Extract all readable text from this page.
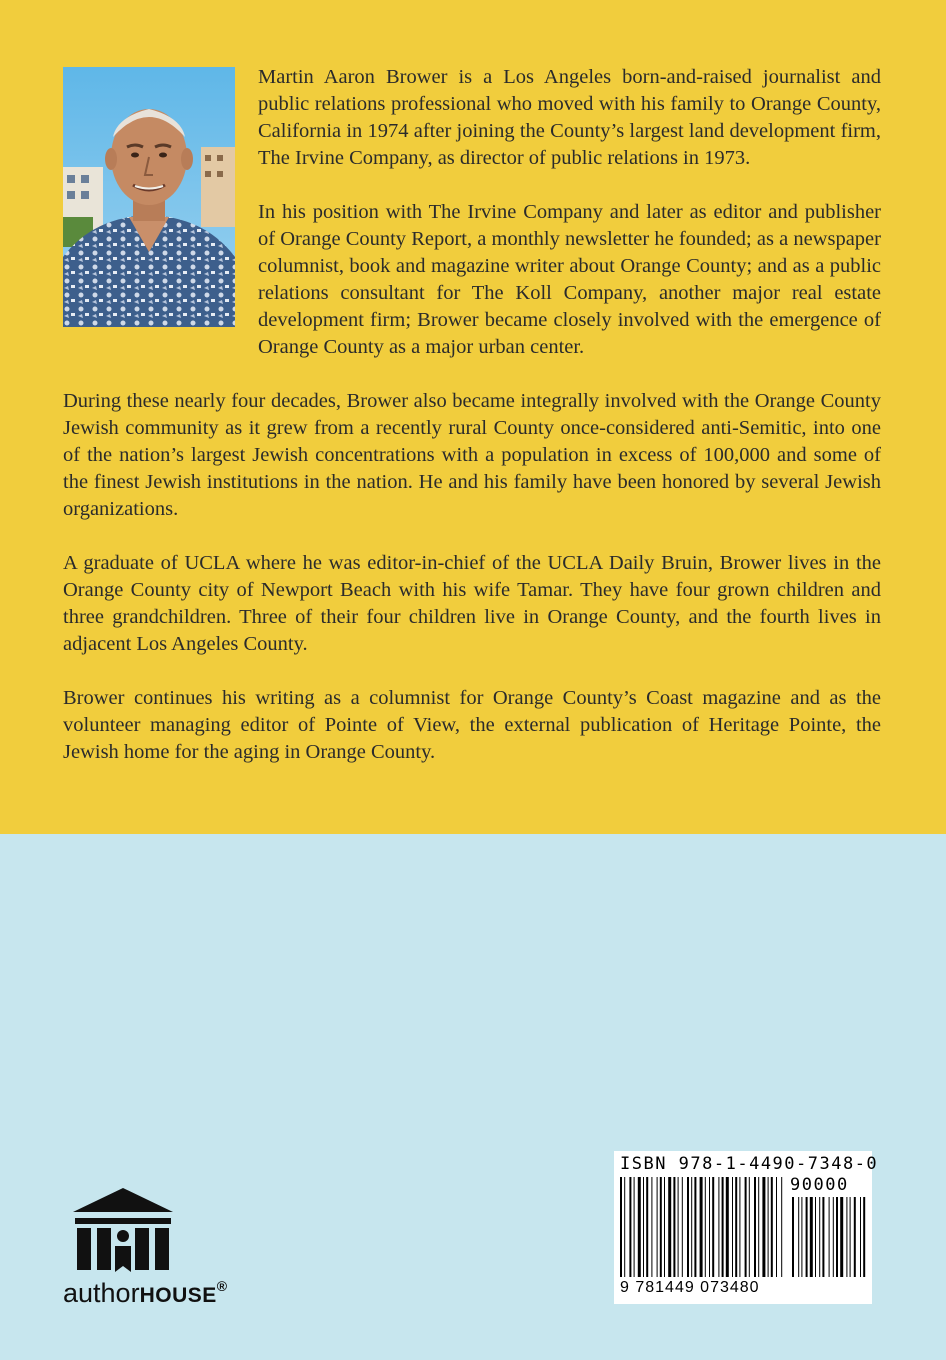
Martin Aaron Brower is a Los Angeles born-and-raised journalist and public relations professional who moved with his family to Orange County, California in 1974 after joining the County’s largest land development firm, The Irvine Company, as director of public relations in 1973.

In his position with The Irvine Company and later as editor and publisher of Orange County Report, a monthly newsletter he founded; as a newspaper columnist, book and magazine writer about Orange County; and as a public relations consultant for The Koll Company, another major real estate development firm; Brower became closely involved with the emergence of Orange County as a major urban center.

During these nearly four decades, Brower also became integrally involved with the Orange County Jewish community as it grew from a recently rural County once-considered anti-Semitic, into one of the nation’s largest Jewish concentrations with a population in excess of 100,000 and some of the finest Jewish institutions in the nation. He and his family have been honored by several Jewish organizations.

A graduate of UCLA where he was editor-in-chief of the UCLA Daily Bruin, Brower lives in the Orange County city of Newport Beach with his wife Tamar. They have four grown children and three grandchildren. Three of their four children live in Orange County, and the fourth lives in adjacent Los Angeles County.

Brower continues his writing as a columnist for Orange County’s Coast magazine and as the volunteer managing editor of Pointe of View, the external publication of Heritage Pointe, the Jewish home for the aging in Orange County.

authorHOUSE®
ISBN 978-1-4490-7348-0
90000
9 781449 073480
